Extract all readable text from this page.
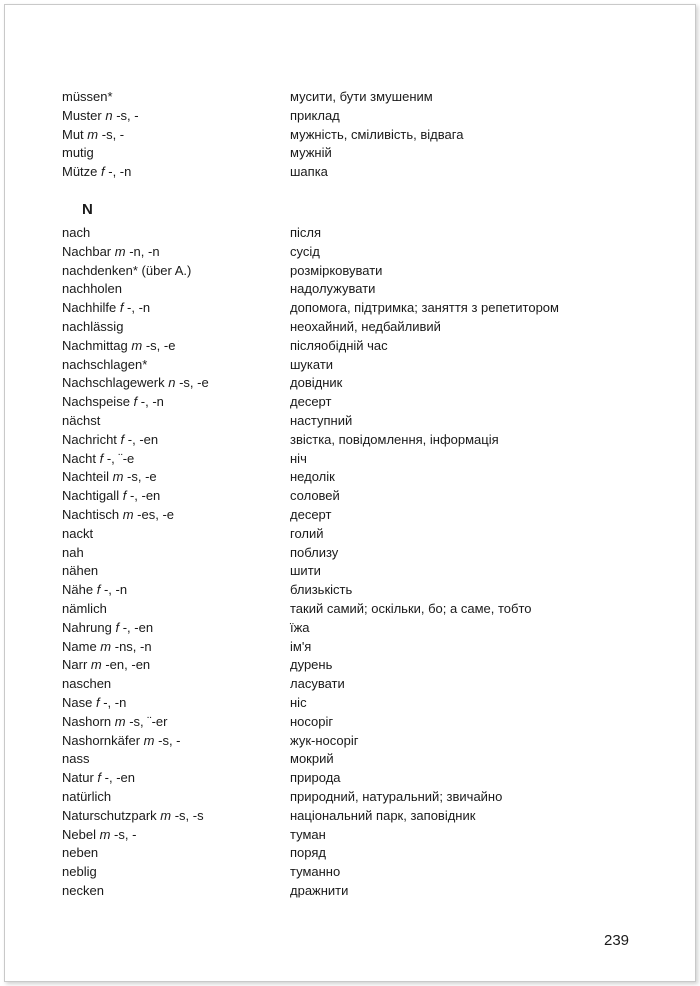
müssen*	мусити, бути змушеним
Muster n -s, -	приклад
Mut m -s, -	мужність, сміливість, відвага
mutig	мужній
Mütze f -, -n	шапка
N
nach	після
Nachbar m -n, -n	сусід
nachdenken* (über A.)	розмірковувати
nachholen	надолужувати
Nachhilfe f -, -n	допомога, підтримка; заняття з репетитором
nachlässig	неохайний, недбайливий
Nachmittag m -s, -e	післяобідній час
nachschlagen*	шукати
Nachschlagewerk n -s, -e	довідник
Nachspeise f -, -n	десерт
nächst	наступний
Nachricht f -, -en	звістка, повідомлення, інформація
Nacht f -, ¨-e	ніч
Nachteil m -s, -e	недолік
Nachtigall f -, -en	соловей
Nachtisch m -es, -e	десерт
nackt	голий
nah	поблизу
nähen	шити
Nähe f -, -n	близькість
nämlich	такий самий; оскільки, бо; а саме, тобто
Nahrung f -, -en	їжа
Name m -ns, -n	ім'я
Narr m -en, -en	дурень
naschen	ласувати
Nase f -, -n	ніс
Nashorn m -s, ¨-er	носоріг
Nashornkäfer m -s, -	жук-носоріг
nass	мокрий
Natur f -, -en	природа
natürlich	природний, натуральний; звичайно
Naturschutzpark m -s, -s	національний парк, заповідник
Nebel m -s, -	туман
neben	поряд
neblig	туманно
necken	дражнити
239
